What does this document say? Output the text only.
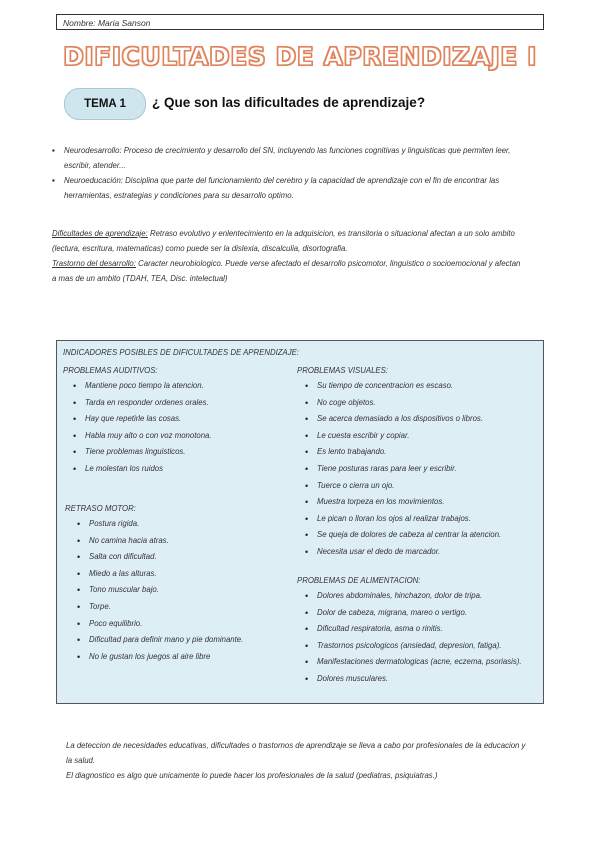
Nombre: Maria Sanson
DIFICULTADES DE APRENDIZAJE I
TEMA 1	¿ Que son las dificultades de aprendizaje?
▪ Neurodesarrollo: Proceso de crecimiento y desarrollo del SN, incluyendo las funciones cognitivas y linguisticas que permiten leer, escribir, atender...
▪ Neuroeducación: Disciplina que parte del funcionamiento del cerebro y la capacidad de aprendizaje con el fin de encontrar las herramientas, estrategias y condiciones para su desarrollo optimo.
Dificultades de aprendizaje: Retraso evolutivo y enlentecimiento en la adquisicion, es transitoria o situacional afectan a un solo ambito (lectura, escritura, matematicas) como puede ser la dislexia, discalculia, disortografia.
Trastorno del desarrollo: Caracter neurobiologico. Puede verse afectado el desarrollo psicomotor, linguistico o socioemocional y afectan a mas de un ambito (TDAH, TEA, Disc. intelectual)
INDICADORES POSIBLES DE DIFICULTADES DE APRENDIZAJE:

PROBLEMAS AUDITIVOS:

• Mantiene poco tiempo la atencion.
• Tarda en responder ordenes orales.
• Hay que repetirle las cosas.
• Habla muy alto o con voz monotona.
• Tiene problemas linguisticos.
• Le molestan los ruidos

RETRASO MOTOR:

• Postura rigida.
• No camina hacia atras.
• Salta con dificultad.
• Miedo a las alturas.
• Tono muscular bajo.
• Torpe.
• Poco equilibrio.
• Dificultad para definir mano y pie dominante.
• No le gustan los juegos al aire libre

PROBLEMAS VISUALES:

• Su tiempo de concentracion es escaso.
• No coge objetos.
• Se acerca demasiado a los dispositivos o libros.
• Le cuesta escribir y copiar.
• Es lento trabajando.
• Tiene posturas raras para leer y escribir.
• Tuerce o cierra un ojo.
• Muestra torpeza en los movimientos.
• Le pican o lloran los ojos al realizar trabajos.
• Se queja de dolores de cabeza al centrar la atencion.
• Necesita usar el dedo de marcador.

PROBLEMAS DE ALIMENTACION:

• Dolores abdominales, hinchazon, dolor de tripa.
• Dolor de cabeza, migrana, mareo o vertigo.
• Dificultad respiratoria, asma o rinitis.
• Trastornos psicologicos (ansiedad, depresion, fatiga).
• Manifestaciones dermatologicas (acne, eczema, psoriasis).
• Dolores musculares.
La deteccion de necesidades educativas, dificultades o trastornos de aprendizaje se lleva a cabo por profesionales de la educacion y la salud.
El diagnostico es algo que unicamente lo puede hacer los profesionales de la salud (pediatras, psiquiatras.)
